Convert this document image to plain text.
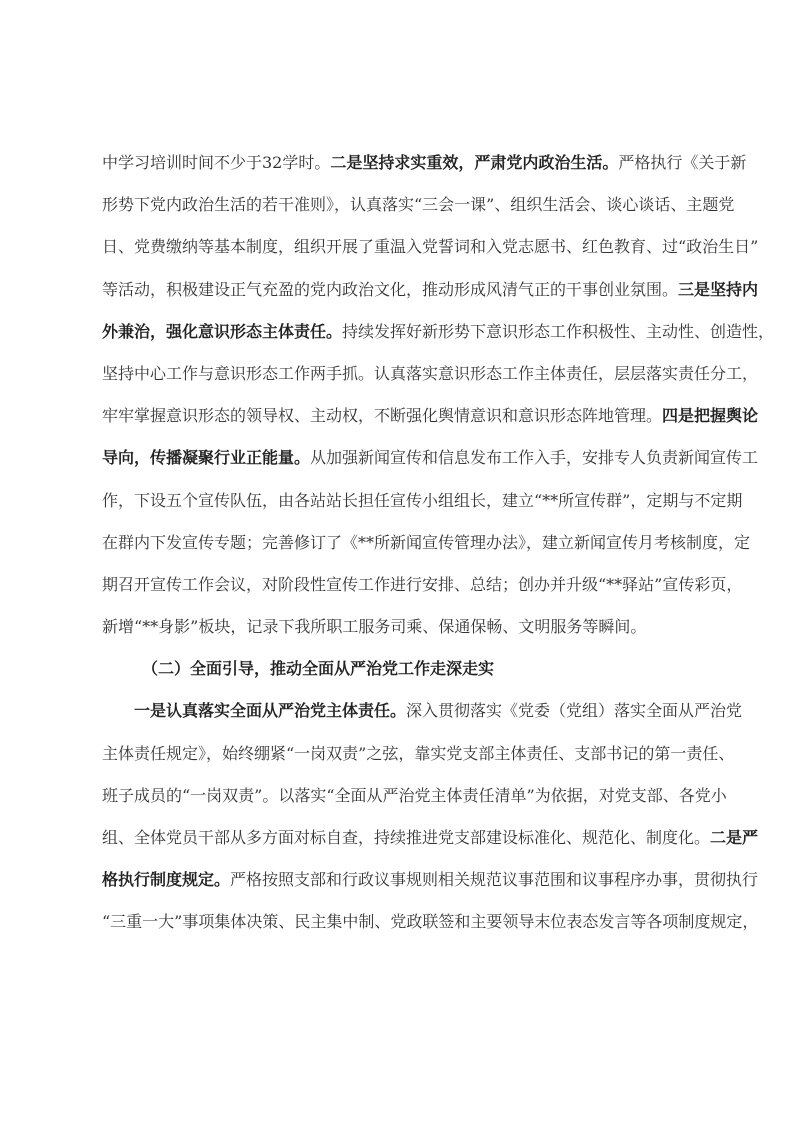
中学习培训时间不少于32学时。二是坚持求实重效，严肃党内政治生活。严格执行《关于新
形势下党内政治生活的若干准则》，认真落实“三会一课”、组织生活会、谈心谈话、主题党
日、党费缴纳等基本制度，组织开展了重温入党誓词和入党志愿书、红色教育、过“政治生日”
等活动，积极建设正气充盈的党内政治文化，推动形成风清气正的干事创业氛围。三是坚持内
外兼治，强化意识形态主体责任。持续发挥好新形势下意识形态工作积极性、主动性、创造性，
坚持中心工作与意识形态工作两手抓。认真落实意识形态工作主体责任，层层落实责任分工，
牢牢掌握意识形态的领导权、主动权，不断强化舆情意识和意识形态阵地管理。四是把握舆论
导向，传播凝聚行业正能量。从加强新闻宣传和信息发布工作入手，安排专人负责新闻宣传工
作，下设五个宣传队伍，由各站站长担任宣传小组组长，建立“**所宣传群”，定期与不定期
在群内下发宣传专题；完善修订了《**所新闻宣传管理办法》，建立新闻宣传月考核制度，定
期召开宣传工作会议，对阶段性宣传工作进行安排、总结；创办并升级“**驿站”宣传彩页，
新增“**身影”板块，记录下我所职工服务司乘、保通保畅、文明服务等瞬间。
（二）全面引导，推动全面从严治党工作走深走实
一是认真落实全面从严治党主体责任。深入贯彻落实《党委（党组）落实全面从严治党
主体责任规定》，始终绷紧“一岗双责”之弦，靠实党支部主体责任、支部书记的第一责任、
班子成员的“一岗双责”。以落实“全面从严治党主体责任清单”为依据，对党支部、各党小
组、全体党员干部从多方面对标自查，持续推进党支部建设标准化、规范化、制度化。二是严
格执行制度规定。严格按照支部和行政议事规则相关规范议事范围和议事程序办事，贯彻执行
“三重一大”事项集体决策、民主集中制、党政联签和主要领导末位表态发言等各项制度规定，
